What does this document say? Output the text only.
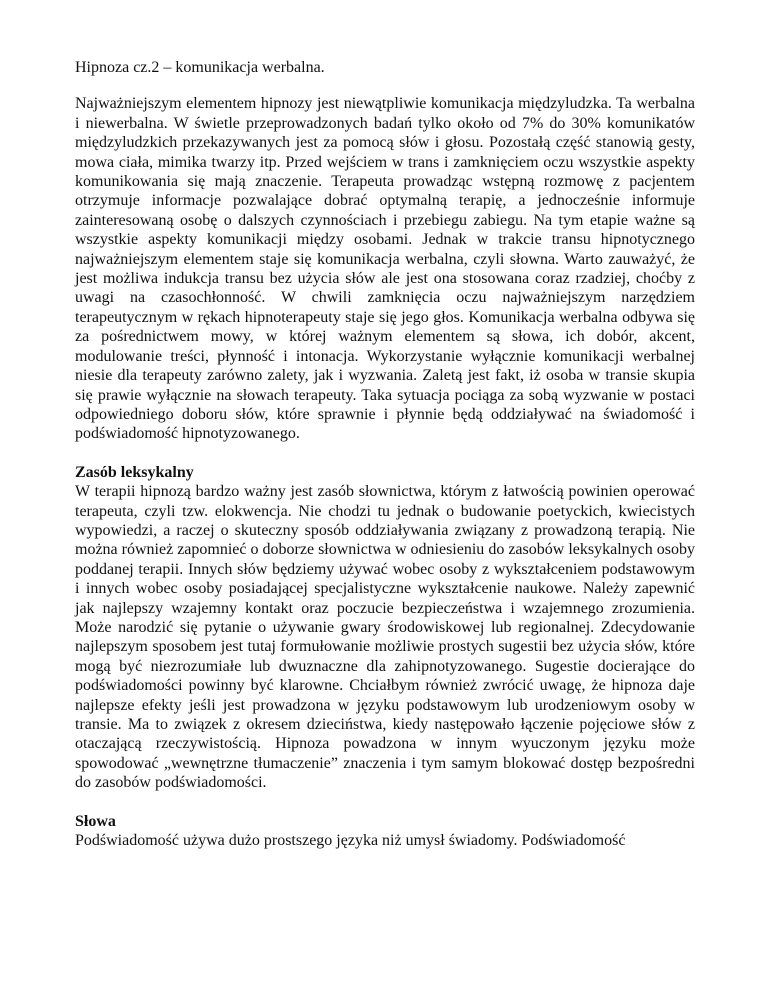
Hipnoza cz.2 – komunikacja werbalna.

Najważniejszym elementem hipnozy jest niewątpliwie komunikacja międzyludzka. Ta werbalna i niewerbalna. W świetle przeprowadzonych badań tylko około od 7% do 30% komunikatów międzyludzkich przekazywanych jest za pomocą słów i głosu. Pozostałą część stanowią gesty, mowa ciała, mimika twarzy itp. Przed wejściem w trans i zamknięciem oczu wszystkie aspekty komunikowania się mają znaczenie. Terapeuta prowadząc wstępną rozmowę z pacjentem otrzymuje informacje pozwalające dobrać optymalną terapię, a jednocześnie informuje zainteresowaną osobę o dalszych czynnościach i przebiegu zabiegu. Na tym etapie ważne są wszystkie aspekty komunikacji między osobami. Jednak w trakcie transu hipnotycznego najważniejszym elementem staje się komunikacja werbalna, czyli słowna. Warto zauważyć, że jest możliwa indukcja transu bez użycia słów ale jest ona stosowana coraz rzadziej, choćby z uwagi na czasochłonność. W chwili zamknięcia oczu najważniejszym narzędziem terapeutycznym w rękach hipnoterapeuty staje się jego głos. Komunikacja werbalna odbywa się za pośrednictwem mowy, w której ważnym elementem są słowa, ich dobór, akcent, modulowanie treści, płynność i intonacja. Wykorzystanie wyłącznie komunikacji werbalnej niesie dla terapeuty zarówno zalety, jak i wyzwania. Zaletą jest fakt, iż osoba w transie skupia się prawie wyłącznie na słowach terapeuty. Taka sytuacja pociąga za sobą wyzwanie w postaci odpowiedniego doboru słów, które sprawnie i płynnie będą oddziaływać na świadomość i podświadomość hipnotyzowanego.

Zasób leksykalny

W terapii hipnozą bardzo ważny jest zasób słownictwa, którym z łatwością powinien operować terapeuta, czyli tzw. elokwencja. Nie chodzi tu jednak o budowanie poetyckich, kwiecistych wypowiedzi, a raczej o skuteczny sposób oddziaływania związany z prowadzoną terapią. Nie można również zapomnieć o doborze słownictwa w odniesieniu do zasobów leksykalnych osoby poddanej terapii. Innych słów będziemy używać wobec osoby z wykształceniem podstawowym i innych wobec osoby posiadającej specjalistyczne wykształcenie naukowe. Należy zapewnić jak najlepszy wzajemny kontakt oraz poczucie bezpieczeństwa i wzajemnego zrozumienia. Może narodzić się pytanie o używanie gwary środowiskowej lub regionalnej. Zdecydowanie najlepszym sposobem jest tutaj formułowanie możliwie prostych sugestii bez użycia słów, które mogą być niezrozumiałe lub dwuznaczne dla zahipnotyzowanego. Sugestie docierające do podświadomości powinny być klarowne. Chciałbym również zwrócić uwagę, że hipnoza daje najlepsze efekty jeśli jest prowadzona w języku podstawowym lub urodzeniowym osoby w transie. Ma to związek z okresem dzieciństwa, kiedy następowało łączenie pojęciowe słów z otaczającą rzeczywistością. Hipnoza powadzona w innym wyuczonym języku może spowodować „wewnętrzne tłumaczenie” znaczenia i tym samym blokować dostęp bezpośredni do zasobów podświadomości.

Słowa

Podświadomość używa dużo prostszego języka niż umysł świadomy. Podświadomość
